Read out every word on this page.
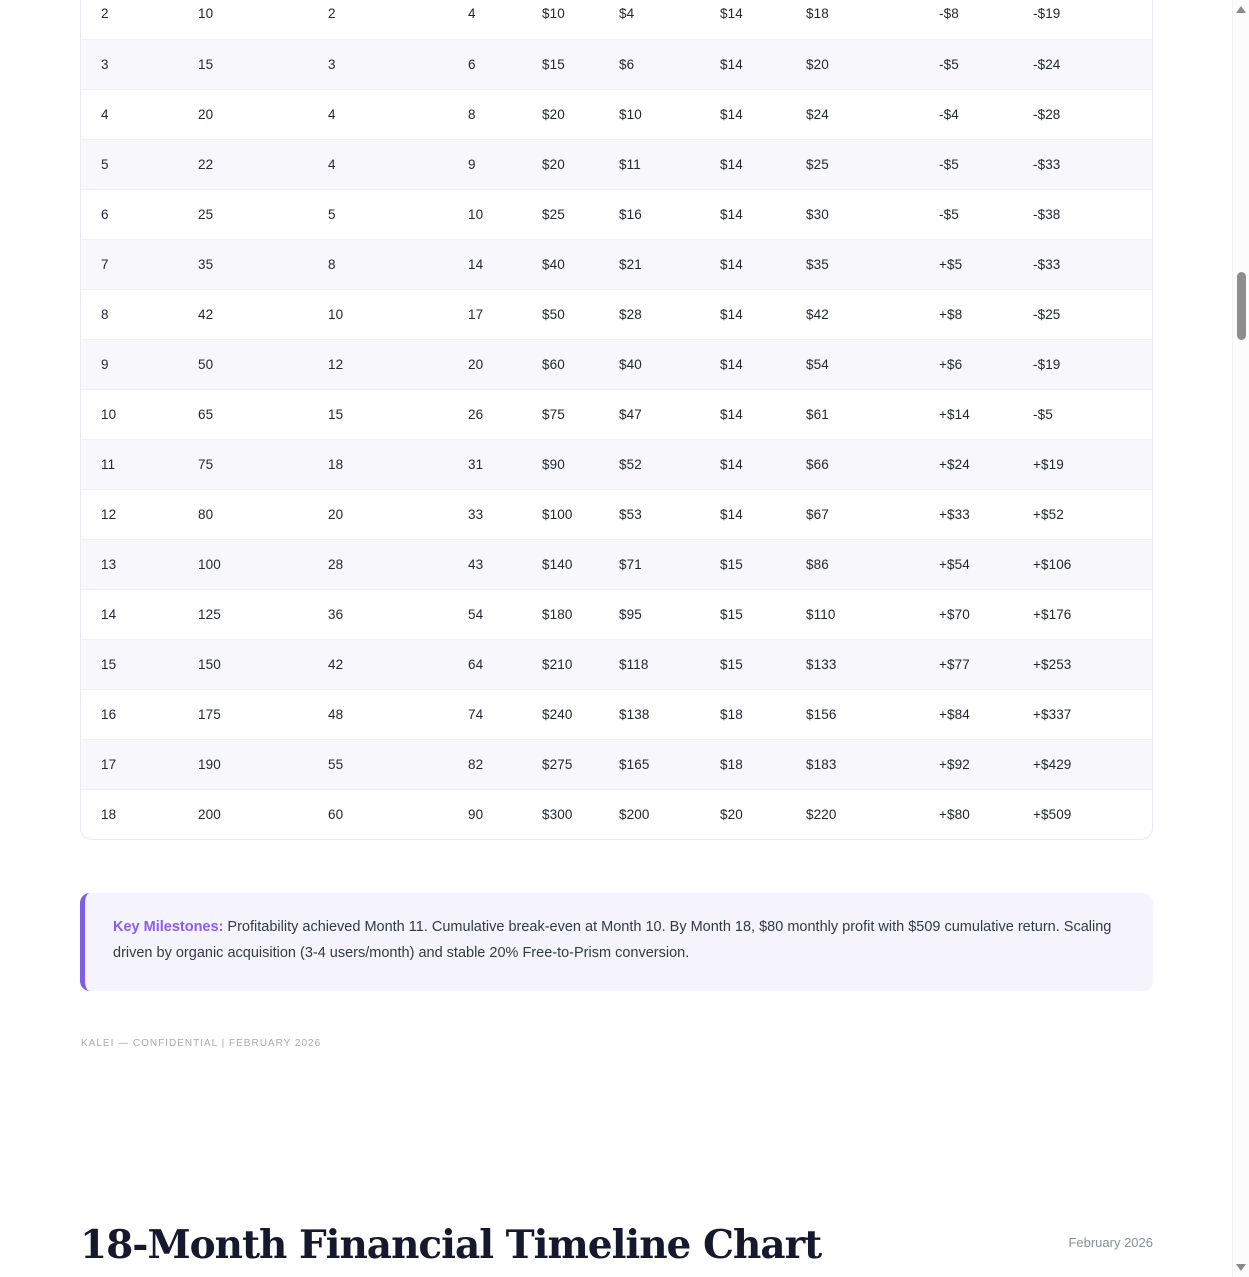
2	10	2	4	$10	$4	$14	$18	-$8	-$19
3	15	3	6	$15	$6	$14	$20	-$5	-$24
4	20	4	8	$20	$10	$14	$24	-$4	-$28
5	22	4	9	$20	$11	$14	$25	-$5	-$33
6	25	5	10	$25	$16	$14	$30	-$5	-$38
7	35	8	14	$40	$21	$14	$35	+$5	-$33
8	42	10	17	$50	$28	$14	$42	+$8	-$25
9	50	12	20	$60	$40	$14	$54	+$6	-$19
10	65	15	26	$75	$47	$14	$61	+$14	-$5
11	75	18	31	$90	$52	$14	$66	+$24	+$19
12	80	20	33	$100	$53	$14	$67	+$33	+$52
13	100	28	43	$140	$71	$15	$86	+$54	+$106
14	125	36	54	$180	$95	$15	$110	+$70	+$176
15	150	42	64	$210	$118	$15	$133	+$77	+$253
16	175	48	74	$240	$138	$18	$156	+$84	+$337
17	190	55	82	$275	$165	$18	$183	+$92	+$429
18	200	60	90	$300	$200	$20	$220	+$80	+$509
Key Milestones: Profitability achieved Month 11. Cumulative break-even at Month 10. By Month 18, $80 monthly profit with $509 cumulative return. Scaling driven by organic acquisition (3-4 users/month) and stable 20% Free-to-Prism conversion.
KALEI — CONFIDENTIAL | FEBRUARY 2026
18-Month Financial Timeline Chart	February 2026
